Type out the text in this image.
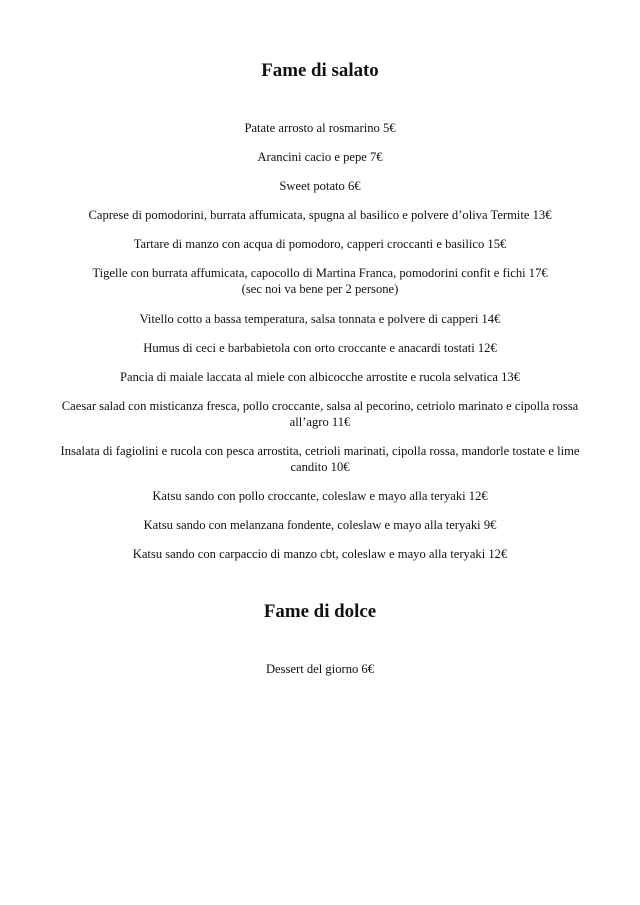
Fame di salato

Patate arrosto al rosmarino 5€

Arancini cacio e pepe 7€

Sweet potato 6€

Caprese di pomodorini, burrata affumicata, spugna al basilico e polvere d’oliva Termite 13€

Tartare di manzo con acqua di pomodoro, capperi croccanti e basilico 15€

Tigelle con burrata affumicata, capocollo di Martina Franca, pomodorini confit e fichi 17€
(sec noi va bene per 2 persone)

Vitello cotto a bassa temperatura, salsa tonnata e polvere di capperi 14€

Humus di ceci e barbabietola con orto croccante e anacardi tostati 12€

Pancia di maiale laccata al miele con albicocche arrostite e rucola selvatica 13€

Caesar salad con misticanza fresca, pollo croccante, salsa al pecorino, cetriolo marinato e cipolla rossa all’agro 11€

Insalata di fagiolini e rucola con pesca arrostita, cetrioli marinati, cipolla rossa, mandorle tostate e lime candito 10€

Katsu sando con pollo croccante, coleslaw e mayo alla teryaki 12€

Katsu sando con melanzana fondente, coleslaw e mayo alla teryaki 9€

Katsu sando con carpaccio di manzo cbt, coleslaw e mayo alla teryaki 12€

Fame di dolce

Dessert del giorno 6€
